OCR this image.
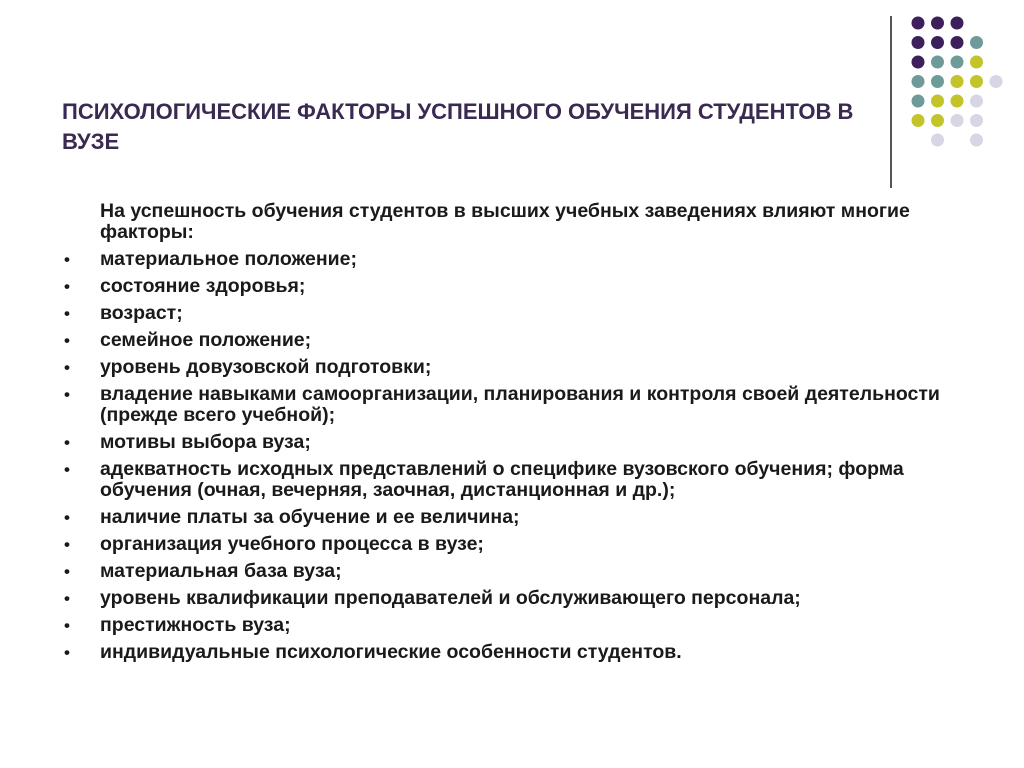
ПСИХОЛОГИЧЕСКИЕ ФАКТОРЫ УСПЕШНОГО ОБУЧЕНИЯ СТУДЕНТОВ В ВУЗЕ

На успешность обучения студентов в высших учебных заведениях влияют многие факторы:

• материальное положение;
• состояние здоровья;
• возраст;
• семейное положение;
• уровень довузовской подготовки;
• владение навыками самоорганизации, планирования и контроля своей деятельности (прежде всего учебной);
• мотивы выбора вуза;
• адекватность исходных представлений о специфике вузовского обучения; форма обучения (очная, вечерняя, заочная, дистанционная и др.);
• наличие платы за обучение и ее величина;
• организация учебного процесса в вузе;
• материальная база вуза;
• уровень квалификации преподавателей и обслуживающего персонала;
• престижность вуза;
• индивидуальные психологические особенности студентов.
